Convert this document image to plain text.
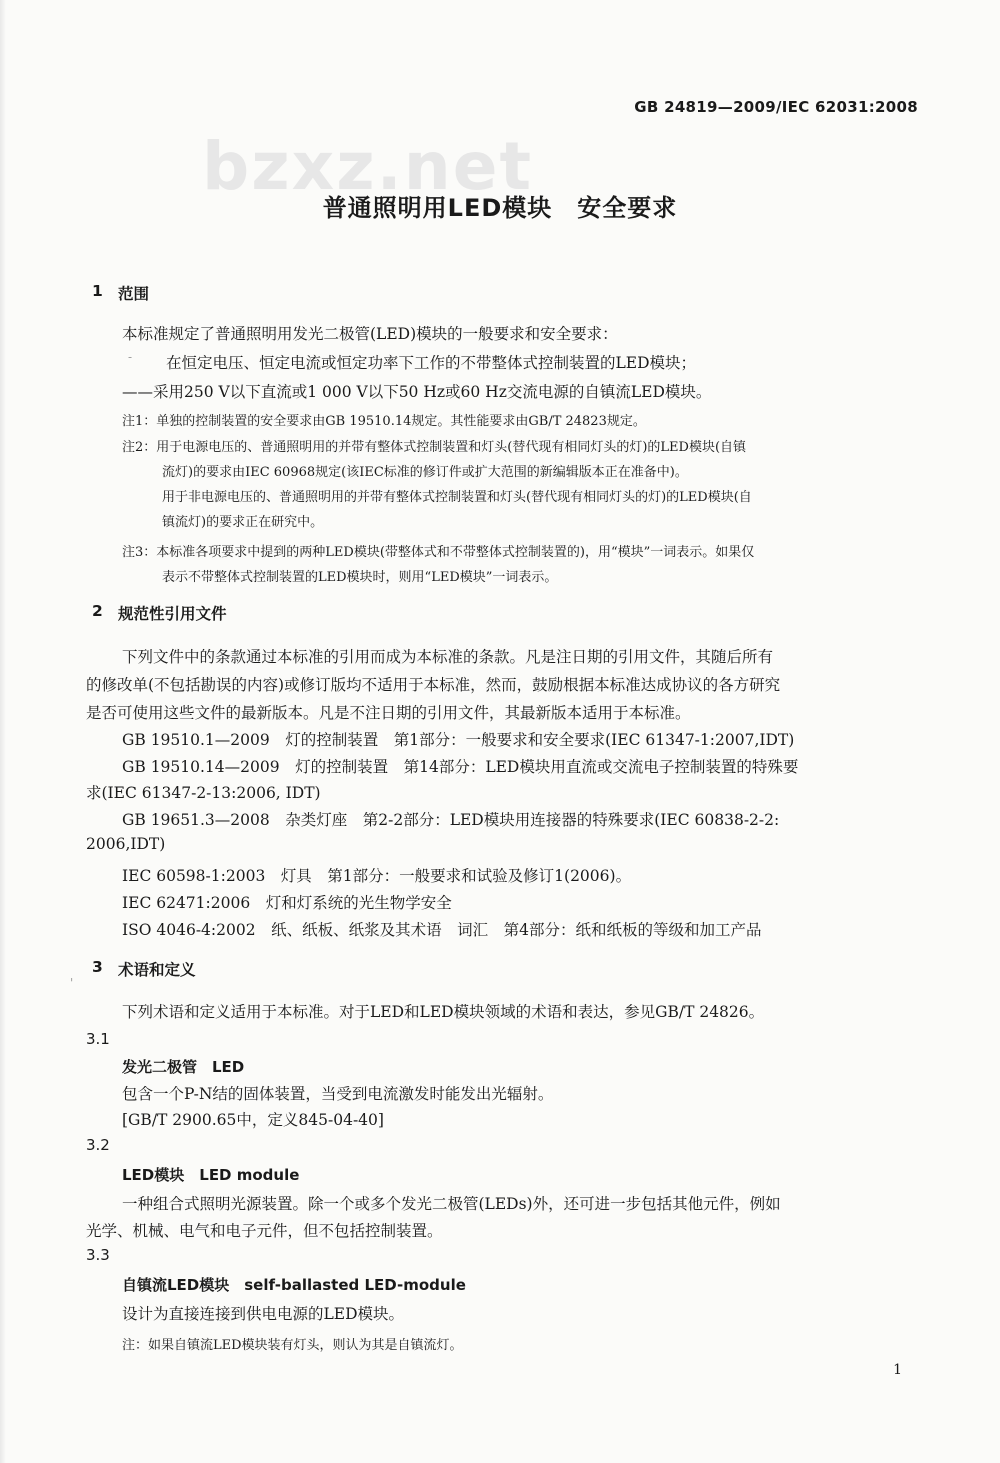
GB 24819—2009/IEC 62031:2008
bzxz.net
普通照明用LED模块　安全要求
1 范围
本标准规定了普通照明用发光二极管(LED)模块的一般要求和安全要求：
- 在恒定电压、恒定电流或恒定功率下工作的不带整体式控制装置的LED模块；
——采用250 V以下直流或1 000 V以下50 Hz或60 Hz交流电源的自镇流LED模块。
注1：单独的控制装置的安全要求由GB 19510.14规定。其性能要求由GB/T 24823规定。
注2：用于电源电压的、普通照明用的并带有整体式控制装置和灯头(替代现有相同灯头的灯)的LED模块(自镇
流灯)的要求由IEC 60968规定(该IEC标准的修订件或扩大范围的新编辑版本正在准备中)。
用于非电源电压的、普通照明用的并带有整体式控制装置和灯头(替代现有相同灯头的灯)的LED模块(自
镇流灯)的要求正在研究中。
注3：本标准各项要求中提到的两种LED模块(带整体式和不带整体式控制装置的)，用“模块”一词表示。如果仅
表示不带整体式控制装置的LED模块时，则用“LED模块”一词表示。
2 规范性引用文件
下列文件中的条款通过本标准的引用而成为本标准的条款。凡是注日期的引用文件，其随后所有
的修改单(不包括勘误的内容)或修订版均不适用于本标准，然而，鼓励根据本标准达成协议的各方研究
是否可使用这些文件的最新版本。凡是不注日期的引用文件，其最新版本适用于本标准。
GB 19510.1—2009　灯的控制装置　第1部分：一般要求和安全要求(IEC 61347-1:2007,IDT)
GB 19510.14—2009　灯的控制装置　第14部分：LED模块用直流或交流电子控制装置的特殊要
求(IEC 61347-2-13:2006, IDT)
GB 19651.3—2008　杂类灯座　第2-2部分：LED模块用连接器的特殊要求(IEC 60838-2-2:
2006,IDT)
IEC 60598-1:2003　灯具　第1部分：一般要求和试验及修订1(2006)。
IEC 62471:2006　灯和灯系统的光生物学安全
ISO 4046-4:2002　纸、纸板、纸浆及其术语　词汇　第4部分：纸和纸板的等级和加工产品
3 术语和定义
'
下列术语和定义适用于本标准。对于LED和LED模块领域的术语和表达，参见GB/T 24826。
3.1
发光二极管　LED
包含一个P-N结的固体装置，当受到电流激发时能发出光辐射。
[GB/T 2900.65中，定义845-04-40]
3.2
LED模块　LED module
一种组合式照明光源装置。除一个或多个发光二极管(LEDs)外，还可进一步包括其他元件，例如
光学、机械、电气和电子元件，但不包括控制装置。
3.3
自镇流LED模块　self-ballasted LED-module
设计为直接连接到供电电源的LED模块。
注：如果自镇流LED模块装有灯头，则认为其是自镇流灯。
1
